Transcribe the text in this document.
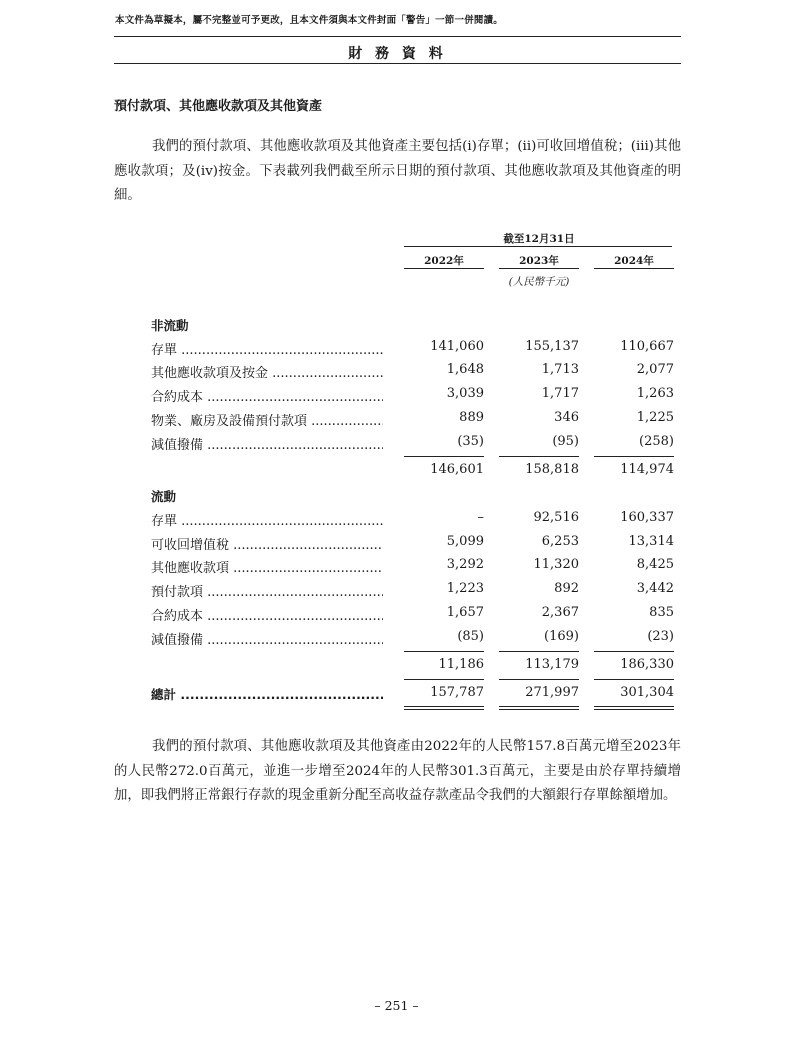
本文件為草擬本，屬不完整並可予更改，且本文件須與本文件封面「警告」一節一併閱讀。
財 務 資 料
預付款項、其他應收款項及其他資產
我們的預付款項、其他應收款項及其他資產主要包括(i)存單；(ii)可收回增值稅；(iii)其他應收款項；及(iv)按金。下表載列我們截至所示日期的預付款項、其他應收款項及其他資產的明細。
截至12月31日
2022年	2023年	2024年
(人民幣千元)
非流動
存單 .....	141,060	155,137	110,667
其他應收款項及按金 .....	1,648	1,713	2,077
合約成本 .....	3,039	1,717	1,263
物業、廠房及設備預付款項 .....	889	346	1,225
減值撥備 .....	(35)	(95)	(258)
146,601	158,818	114,974
流動
存單 .....	–	92,516	160,337
可收回增值稅 .....	5,099	6,253	13,314
其他應收款項 .....	3,292	11,320	8,425
預付款項 .....	1,223	892	3,442
合約成本 .....	1,657	2,367	835
減值撥備 .....	(85)	(169)	(23)
11,186	113,179	186,330
總計 .....	157,787	271,997	301,304
我們的預付款項、其他應收款項及其他資產由2022年的人民幣157.8百萬元增至2023年的人民幣272.0百萬元，並進一步增至2024年的人民幣301.3百萬元，主要是由於存單持續增加，即我們將正常銀行存款的現金重新分配至高收益存款產品令我們的大額銀行存單餘額增加。
– 251 –
